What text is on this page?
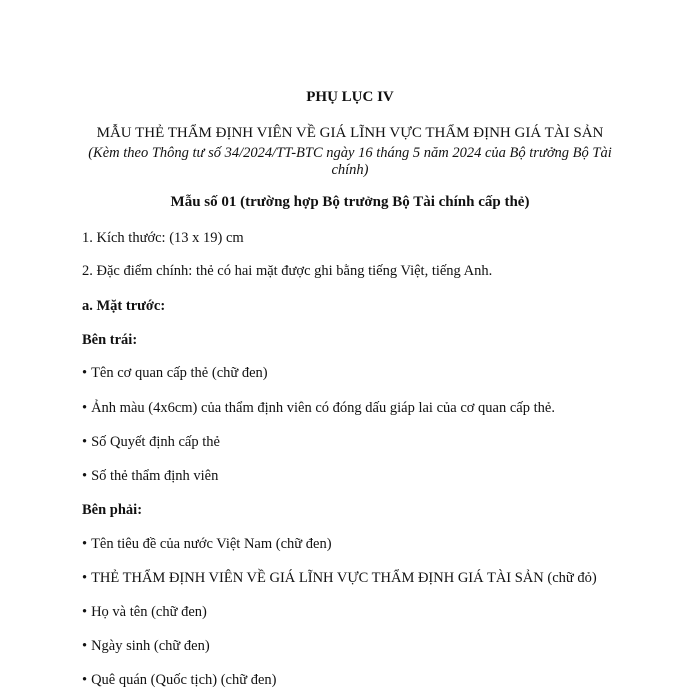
PHỤ LỤC IV
MẪU THẺ THẨM ĐỊNH VIÊN VỀ GIÁ LĨNH VỰC THẨM ĐỊNH GIÁ TÀI SẢN
(Kèm theo Thông tư số 34/2024/TT-BTC ngày 16 tháng 5 năm 2024 của Bộ trưởng Bộ Tài chính)
Mẫu số 01 (trường hợp Bộ trưởng Bộ Tài chính cấp thẻ)
1. Kích thước: (13 x 19) cm
2. Đặc điểm chính: thẻ có hai mặt được ghi bằng tiếng Việt, tiếng Anh.
a. Mặt trước:
Bên trái:
• Tên cơ quan cấp thẻ (chữ đen)
• Ảnh màu (4x6cm) của thẩm định viên có đóng dấu giáp lai của cơ quan cấp thẻ.
• Số Quyết định cấp thẻ
• Số thẻ thẩm định viên
Bên phải:
• Tên tiêu đề của nước Việt Nam (chữ đen)
• THẺ THẨM ĐỊNH VIÊN VỀ GIÁ LĨNH VỰC THẨM ĐỊNH GIÁ TÀI SẢN (chữ đỏ)
• Họ và tên (chữ đen)
• Ngày sinh (chữ đen)
• Quê quán (Quốc tịch) (chữ đen)
